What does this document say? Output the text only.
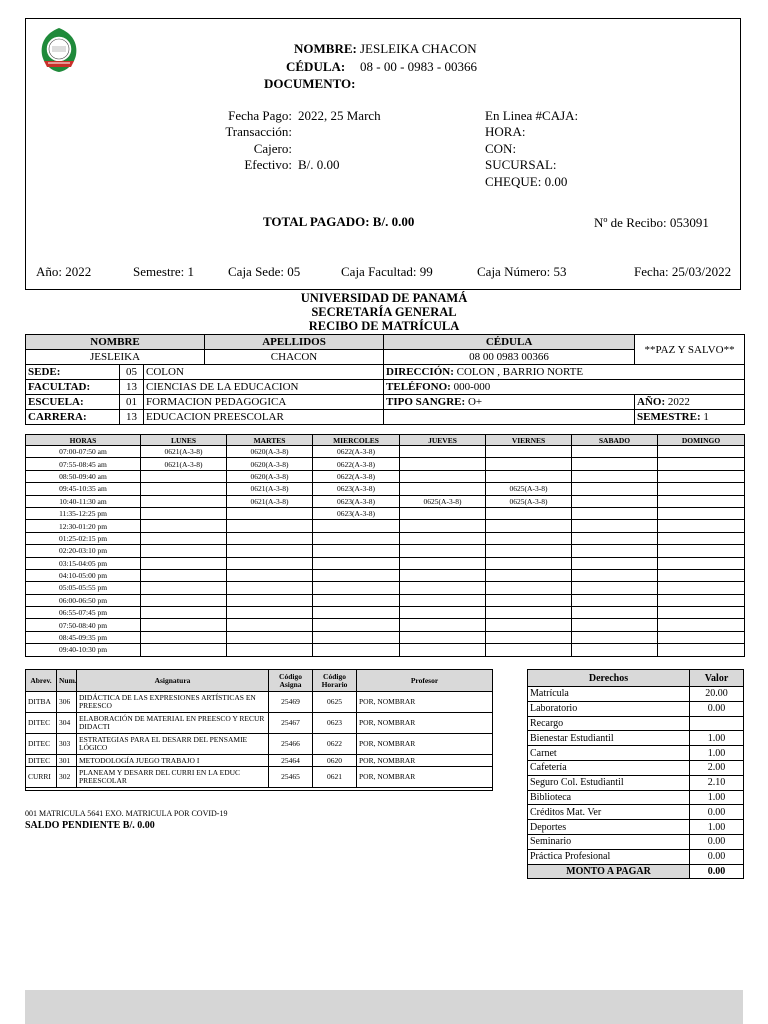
NOMBRE: JESLEIKA CHACON
CÉDULA: 08 - 00 - 0983 - 00366
DOCUMENTO:
Fecha Pago: 2022, 25 March
Transacción:
Cajero:
Efectivo: B/. 0.00
En Linea #CAJA:
HORA:
CON:
SUCURSAL:
CHEQUE: 0.00
TOTAL PAGADO: B/. 0.00	Nº de Recibo: 053091
Año: 2022	Semestre: 1	Caja Sede: 05	Caja Facultad: 99	Caja Número: 53	Fecha: 25/03/2022
UNIVERSIDAD DE PANAMÁ
SECRETARÍA GENERAL
RECIBO DE MATRÍCULA
NOMBRE			APELLIDOS	CÉDULA	**PAZ Y SALVO**
JESLEIKA			CHACON	08 00 0983 00366	
SEDE:	05	COLON		DIRECCIÓN: COLON , BARRIO NORTE	
FACULTAD:	13	CIENCIAS DE LA EDUCACION		TELÉFONO: 000-000	
ESCUELA:	01	FORMACION PEDAGOGICA		TIPO SANGRE: O+	AÑO: 2022
CARRERA:	13	EDUCACION PREESCOLAR			SEMESTRE: 1
HORAS	LUNES	MARTES	MIERCOLES	JUEVES	VIERNES	SABADO	DOMINGO
07:00-07:50 am	0621(A-3-8)	0620(A-3-8)	0622(A-3-8)				
07:55-08:45 am	0621(A-3-8)	0620(A-3-8)	0622(A-3-8)				
08:50-09:40 am		0620(A-3-8)	0622(A-3-8)				
09:45-10:35 am		0621(A-3-8)	0623(A-3-8)		0625(A-3-8)		
10:40-11:30 am		0621(A-3-8)	0623(A-3-8)	0625(A-3-8)	0625(A-3-8)		
11:35-12:25 pm			0623(A-3-8)				
12:30-01:20 pm							
01:25-02:15 pm							
02:20-03:10 pm							
03:15-04:05 pm							
04:10-05:00 pm							
05:05-05:55 pm							
06:00-06:50 pm							
06:55-07:45 pm							
07:50-08:40 pm							
08:45-09:35 pm							
09:40-10:30 pm							
Abrev.	Num.	Asignatura	Código Asigna	Código Horario	Profesor
DITBA	306	DIDÁCTICA DE LAS EXPRESIONES ARTÍSTICAS EN PREESCO	25469	0625	POR, NOMBRAR
DITEC	304	ELABORACIÓN DE MATERIAL EN PREESCO Y RECUR DIDACTI	25467	0623	POR, NOMBRAR
DITEC	303	ESTRATEGIAS PARA EL DESARR DEL PENSAMIE LÓGICO	25466	0622	POR, NOMBRAR
DITEC	301	METODOLOGÍA JUEGO TRABAJO I	25464	0620	POR, NOMBRAR
CURRI	302	PLANEAM Y DESARR DEL CURRI EN LA EDUC PREESCOLAR	25465	0621	POR, NOMBRAR

001 MATRICULA 5641 EXO. MATRICULA POR COVID-19
SALDO PENDIENTE B/. 0.00
Derechos	Valor
Matrícula	20.00
Laboratorio	0.00
Recargo	
Bienestar Estudiantil	1.00
Carnet	1.00
Cafetería	2.00
Seguro Col. Estudiantil	2.10
Biblioteca	1.00
Créditos Mat. Ver	0.00
Deportes	1.00
Seminario	0.00
Práctica Profesional	0.00
MONTO A PAGAR	0.00
